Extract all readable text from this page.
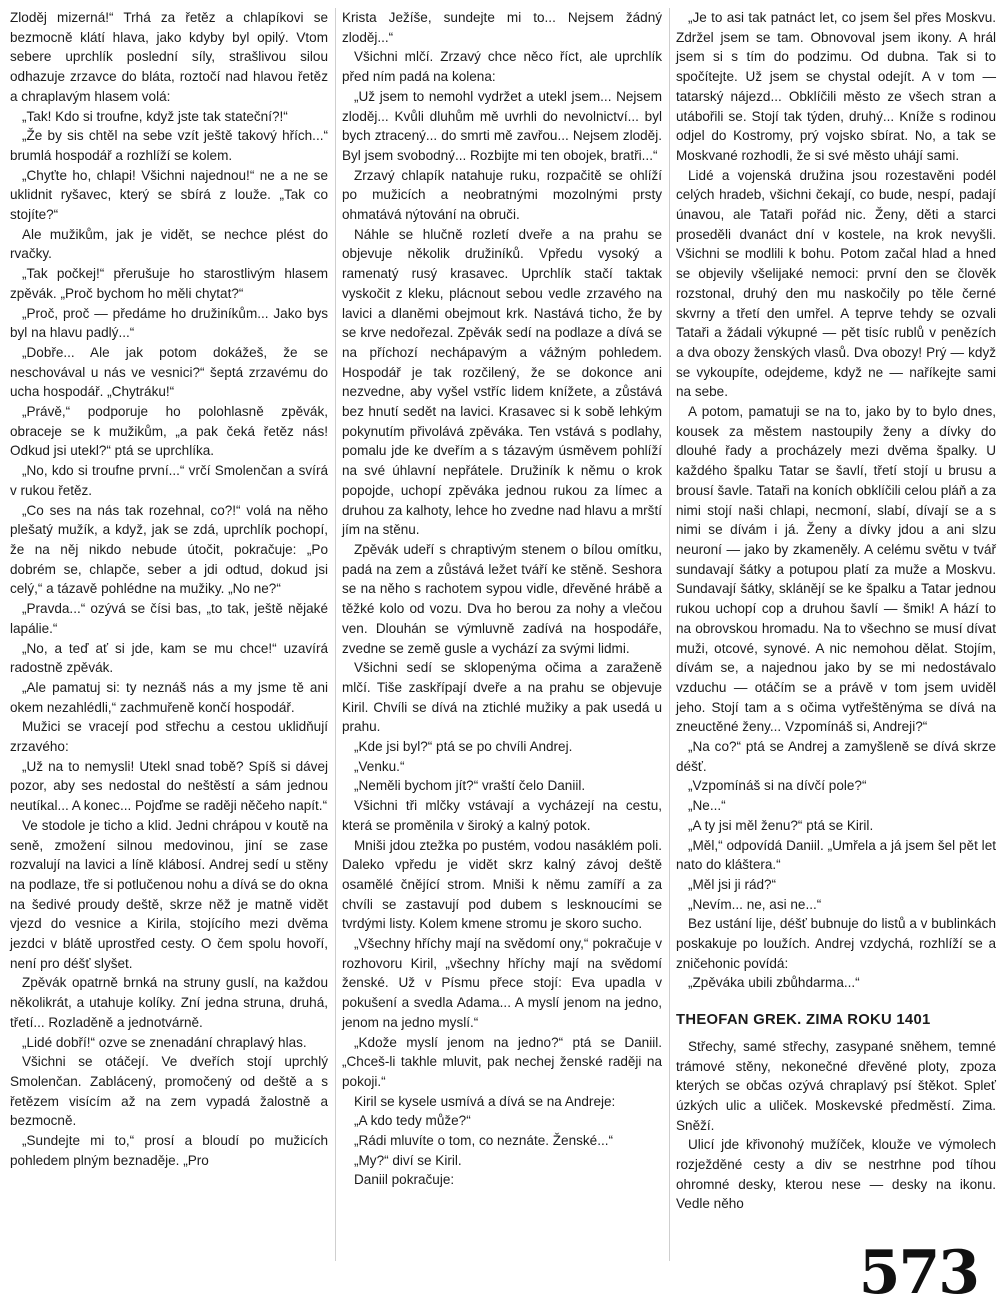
Zloděj mizerná!“ Trhá za řetěz a chlapíkovi se bezmocně klátí hlava, jako kdyby byl opilý. Vtom sebere uprchlík poslední síly, strašlivou silou odhazuje zrzavce do bláta, roztočí nad hlavou řetěz a chraplavým hlasem volá:

„Tak! Kdo si troufne, když jste tak stateční?!“

„Že by sis chtěl na sebe vzít ještě takový hřích...“ brumlá hospodář a rozhlíží se kolem.

„Chyťte ho, chlapi! Všichni najednou!“ ne a ne se uklidnit ryšavec, který se sbírá z louže. „Tak co stojíte?“

Ale mužikům, jak je vidět, se nechce plést do rvačky.

„Tak počkej!“ přerušuje ho starostlivým hlasem zpěvák. „Proč bychom ho měli chytat?“

„Proč, proč — předáme ho družiníkům... Jako bys byl na hlavu padlý...“

„Dobře... Ale jak potom dokážeš, že se neschovával u nás ve vesnici?“ šeptá zrzavému do ucha hospodář. „Chytráku!“

„Právě,“ podporuje ho polohlasně zpěvák, obraceje se k mužikům, „a pak čeká řetěz nás! Odkud jsi utekl?“ ptá se uprchlíka.

„No, kdo si troufne první...“ vrčí Smolenčan a svírá v rukou řetěz.

„Co ses na nás tak rozehnal, co?!“ volá na něho plešatý mužík, a když, jak se zdá, uprchlík pochopí, že na něj nikdo nebude útočit, pokračuje: „Po dobrém se, chlapče, seber a jdi odtud, dokud jsi celý,“ a tázavě pohlédne na mužiky. „No ne?“

„Pravda...“ ozývá se čísi bas, „to tak, ještě nějaké lapálie.“

„No, a teď ať si jde, kam se mu chce!“ uzavírá radostně zpěvák.

„Ale pamatuj si: ty neznáš nás a my jsme tě ani okem nezahlédli,“ zachmuřeně končí hospodář.

Mužici se vracejí pod střechu a cestou uklidňují zrzavého:

„Už na to nemysli! Utekl snad tobě? Spíš si dávej pozor, aby ses nedostal do neštěstí a sám jednou neutíkal... A konec... Pojďme se raději něčeho napít.“

Ve stodole je ticho a klid. Jedni chrápou v koutě na seně, zmožení silnou medovinou, jiní se zase rozvalují na lavici a líně klábosí. Andrej sedí u stěny na podlaze, tře si potlučenou nohu a dívá se do okna na šedivé proudy deště, skrze něž je matně vidět vjezd do vesnice a Kirila, stojícího mezi dvěma jezdci v blátě uprostřed cesty. O čem spolu hovoří, není pro déšť slyšet.

Zpěvák opatrně brnká na struny guslí, na každou několikrát, a utahuje kolíky. Zní jedna struna, druhá, třetí... Rozladěně a jednotvárně.

„Lidé dobří!“ ozve se znenadání chraplavý hlas.

Všichni se otáčejí. Ve dveřích stojí uprchlý Smolenčan. Zablácený, promočený od deště a s řetězem visícím až na zem vypadá žalostně a bezmocně.

„Sundejte mi to,“ prosí a bloudí po mužicích pohledem plným beznaděje. „Pro

Krista Ježíše, sundejte mi to... Nejsem žádný zloděj...“

Všichni mlčí. Zrzavý chce něco říct, ale uprchlík před ním padá na kolena:

„Už jsem to nemohl vydržet a utekl jsem... Nejsem zloděj... Kvůli dluhům mě uvrhli do nevolnictví... byl bych ztracený... do smrti mě zavřou... Nejsem zloděj. Byl jsem svobodný... Rozbijte mi ten obojek, bratři...“

Zrzavý chlapík natahuje ruku, rozpačitě se ohlíží po mužicích a neobratnými mozolnými prsty ohmatává nýtování na obruči.

Náhle se hlučně rozletí dveře a na prahu se objevuje několik družiníků. Vpředu vysoký a ramenatý rusý krasavec. Uprchlík stačí taktak vyskočit z kleku, plácnout sebou vedle zrzavého na lavici a dlaněmi obejmout krk. Nastává ticho, že by se krve nedořezal. Zpěvák sedí na podlaze a dívá se na příchozí nechápavým a vážným pohledem. Hospodář je tak rozčilený, že se dokonce ani nezvedne, aby vyšel vstříc lidem knížete, a zůstává bez hnutí sedět na lavici. Krasavec si k sobě lehkým pokynutím přivolává zpěváka. Ten vstává s podlahy, pomalu jde ke dveřím a s tázavým úsměvem pohlíží na své úhlavní nepřátele. Družiník k němu o krok popojde, uchopí zpěváka jednou rukou za límec a druhou za kalhoty, lehce ho zvedne nad hlavu a mrští jím na stěnu.

Zpěvák udeří s chraptivým stenem o bílou omítku, padá na zem a zůstává ležet tváří ke stěně. Seshora se na něho s rachotem sypou vidle, dřevěné hrábě a těžké kolo od vozu. Dva ho berou za nohy a vlečou ven. Dlouhán se výmluvně zadívá na hospodáře, zvedne se země gusle a vychází za svými lidmi.

Všichni sedí se sklopenýma očima a zaraženě mlčí. Tiše zaskřípají dveře a na prahu se objevuje Kiril. Chvíli se dívá na ztichlé mužiky a pak usedá u prahu.

„Kde jsi byl?“ ptá se po chvíli Andrej.

„Venku.“

„Neměli bychom jít?“ vraští čelo Daniil.

Všichni tři mlčky vstávají a vycházejí na cestu, která se proměnila v široký a kalný potok.

Mniši jdou ztežka po pustém, vodou nasáklém poli. Daleko vpředu je vidět skrz kalný závoj deště osamělé čnějící strom. Mniši k němu zamíří a za chvíli se zastavují pod dubem s lesknoucími se tvrdými listy. Kolem kmene stromu je skoro sucho.

„Všechny hříchy mají na svědomí ony,“ pokračuje v rozhovoru Kiril, „všechny hříchy mají na svědomí ženské. Už v Písmu přece stojí: Eva upadla v pokušení a svedla Adama... A myslí jenom na jedno, jenom na jedno myslí.“

„Kdože myslí jenom na jedno?“ ptá se Daniil. „Chceš-li takhle mluvit, pak nechej ženské raději na pokoji.“

Kiril se kysele usmívá a dívá se na Andreje:

„A kdo tedy může?“

„Rádi mluvíte o tom, co neznáte. Ženské...“

„My?“ diví se Kiril.

Daniil pokračuje:

„Je to asi tak patnáct let, co jsem šel přes Moskvu. Zdržel jsem se tam. Obnovoval jsem ikony. A hrál jsem si s tím do podzimu. Od dubna. Tak si to spočítejte. Už jsem se chystal odejít. A v tom — tatarský nájezd... Obklíčili město ze všech stran a utábořili se. Stojí tak týden, druhý... Kníže s rodinou odjel do Kostromy, prý vojsko sbírat. No, a tak se Moskvané rozhodli, že si své město uhájí sami.

Lidé a vojenská družina jsou rozestavěni podél celých hradeb, všichni čekají, co bude, nespí, padají únavou, ale Tataři pořád nic. Ženy, děti a starci proseděli dvanáct dní v kostele, na krok nevyšli. Všichni se modlili k bohu. Potom začal hlad a hned se objevily všelijaké nemoci: první den se člověk rozstonal, druhý den mu naskočily po těle černé skvrny a třetí den umřel. A teprve tehdy se ozvali Tataři a žádali výkupné — pět tisíc rublů v penězích a dva obozy ženských vlasů. Dva obozy! Prý — když se vykoupíte, odejdeme, když ne — naříkejte sami na sebe.

A potom, pamatuji se na to, jako by to bylo dnes, kousek za městem nastoupily ženy a dívky do dlouhé řady a procházely mezi dvěma špalky. U každého špalku Tatar se šavlí, třetí stojí u brusu a brousí šavle. Tataři na koních obklíčili celou pláň a za nimi stojí naši chlapi, necmoní, slabí, dívají se a s nimi se dívám i já. Ženy a dívky jdou a ani slzu neuroní — jako by zkameněly. A celému světu v tvář sundavají šátky a potupou platí za muže a Moskvu. Sundavají šátky, sklánějí se ke špalku a Tatar jednou rukou uchopí cop a druhou šavlí — šmik! A hází to na obrovskou hromadu. Na to všechno se musí dívat muži, otcové, synové. A nic nemohou dělat. Stojím, dívám se, a najednou jako by se mi nedostávalo vzduchu — otáčím se a právě v tom jsem uviděl jeho. Stojí tam a s očima vytřeštěnýma se dívá na zneuctěné ženy... Vzpomínáš si, Andreji?“

„Na co?“ ptá se Andrej a zamyšleně se dívá skrze déšť.

„Vzpomínáš si na dívčí pole?“

„Ne...“

„A ty jsi měl ženu?“ ptá se Kiril.

„Měl,“ odpovídá Daniil. „Umřela a já jsem šel pět let nato do kláštera.“

„Měl jsi ji rád?“

„Nevím... ne, asi ne...“

Bez ustání lije, déšť bubnuje do listů a v bublinkách poskakuje po loužích. Andrej vzdychá, rozhlíží se a zničehonic povídá:

„Zpěváka ubili zbůhdarma...“

THEOFAN GREK. ZIMA ROKU 1401

Střechy, samé střechy, zasypané sněhem, temné trámové stěny, nekonečné dřevěné ploty, zpoza kterých se občas ozývá chraplavý psí štěkot. Spleť úzkých ulic a uliček. Moskevské předměstí. Zima. Sněží.

Ulicí jde křivonohý mužíček, klouže ve výmolech rozježděné cesty a div se nestrhne pod tíhou ohromné desky, kterou nese — desky na ikonu. Vedle něho

573
